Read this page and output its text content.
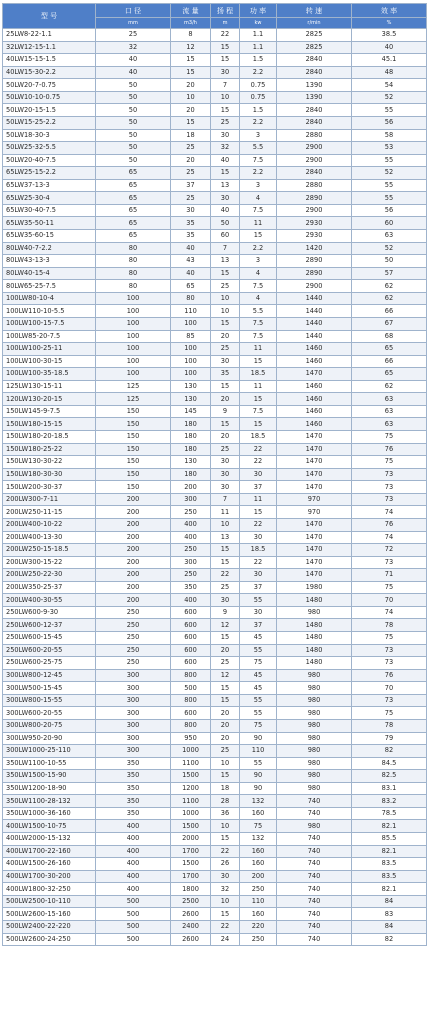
型 号	口 径	流 量	扬 程	功 率	转 速	效 率
	mm	m3/h	m	kw	r/min	%
25LW8-22-1.1	25	8	22	1.1	2825	38.5
32LW12-15-1.1	32	12	15	1.1	2825	40
40LW15-15-1.5	40	15	15	1.5	2840	45.1
40LW15-30-2.2	40	15	30	2.2	2840	48
50LW20-7-0.75	50	20	7	0.75	1390	54
50LW10-10-0.75	50	10	10	0.75	1390	52
50LW20-15-1.5	50	20	15	1.5	2840	55
50LW15-25-2.2	50	15	25	2.2	2840	56
50LW18-30-3	50	18	30	3	2880	58
50LW25-32-5.5	50	25	32	5.5	2900	53
50LW20-40-7.5	50	20	40	7.5	2900	55
65LW25-15-2.2	65	25	15	2.2	2840	52
65LW37-13-3	65	37	13	3	2880	55
65LW25-30-4	65	25	30	4	2890	55
65LW30-40-7.5	65	30	40	7.5	2900	56
65LW35-50-11	65	35	50	11	2930	60
65LW35-60-15	65	35	60	15	2930	63
80LW40-7-2.2	80	40	7	2.2	1420	52
80LW43-13-3	80	43	13	3	2890	50
80LW40-15-4	80	40	15	4	2890	57
80LW65-25-7.5	80	65	25	7.5	2900	62
100LW80-10-4	100	80	10	4	1440	62
100LW110-10-5.5	100	110	10	5.5	1440	66
100LW100-15-7.5	100	100	15	7.5	1440	67
100LW85-20-7.5	100	85	20	7.5	1440	68
100LW100-25-11	100	100	25	11	1460	65
100LW100-30-15	100	100	30	15	1460	66
100LW100-35-18.5	100	100	35	18.5	1470	65
125LW130-15-11	125	130	15	11	1460	62
120LW130-20-15	125	130	20	15	1460	63
150LW145-9-7.5	150	145	9	7.5	1460	63
150LW180-15-15	150	180	15	15	1460	63
150LW180-20-18.5	150	180	20	18.5	1470	75
150LW180-25-22	150	180	25	22	1470	76
150LW130-30-22	150	130	30	22	1470	75
150LW180-30-30	150	180	30	30	1470	73
150LW200-30-37	150	200	30	37	1470	73
200LW300-7-11	200	300	7	11	970	73
200LW250-11-15	200	250	11	15	970	74
200LW400-10-22	200	400	10	22	1470	76
200LW400-13-30	200	400	13	30	1470	74
200LW250-15-18.5	200	250	15	18.5	1470	72
200LW300-15-22	200	300	15	22	1470	73
200LW250-22-30	200	250	22	30	1470	71
200LW350-25-37	200	350	25	37	1980	75
200LW400-30-55	200	400	30	55	1480	70
250LW600-9-30	250	600	9	30	980	74
250LW600-12-37	250	600	12	37	1480	78
250LW600-15-45	250	600	15	45	1480	75
250LW600-20-55	250	600	20	55	1480	73
250LW600-25-75	250	600	25	75	1480	73
300LW800-12-45	300	800	12	45	980	76
300LW500-15-45	300	500	15	45	980	70
300LW800-15-55	300	800	15	55	980	73
300LW600-20-55	300	600	20	55	980	75
300LW800-20-75	300	800	20	75	980	78
300LW950-20-90	300	950	20	90	980	79
300LW1000-25-110	300	1000	25	110	980	82
350LW1100-10-55	350	1100	10	55	980	84.5
350LW1500-15-90	350	1500	15	90	980	82.5
350LW1200-18-90	350	1200	18	90	980	83.1
350LW1100-28-132	350	1100	28	132	740	83.2
350LW1000-36-160	350	1000	36	160	740	78.5
400LW1500-10-75	400	1500	10	75	980	82.1
400LW2000-15-132	400	2000	15	132	740	85.5
400LW1700-22-160	400	1700	22	160	740	82.1
400LW1500-26-160	400	1500	26	160	740	83.5
400LW1700-30-200	400	1700	30	200	740	83.5
400LW1800-32-250	400	1800	32	250	740	82.1
500LW2500-10-110	500	2500	10	110	740	84
500LW2600-15-160	500	2600	15	160	740	83
500LW2400-22-220	500	2400	22	220	740	84
500LW2600-24-250	500	2600	24	250	740	82
